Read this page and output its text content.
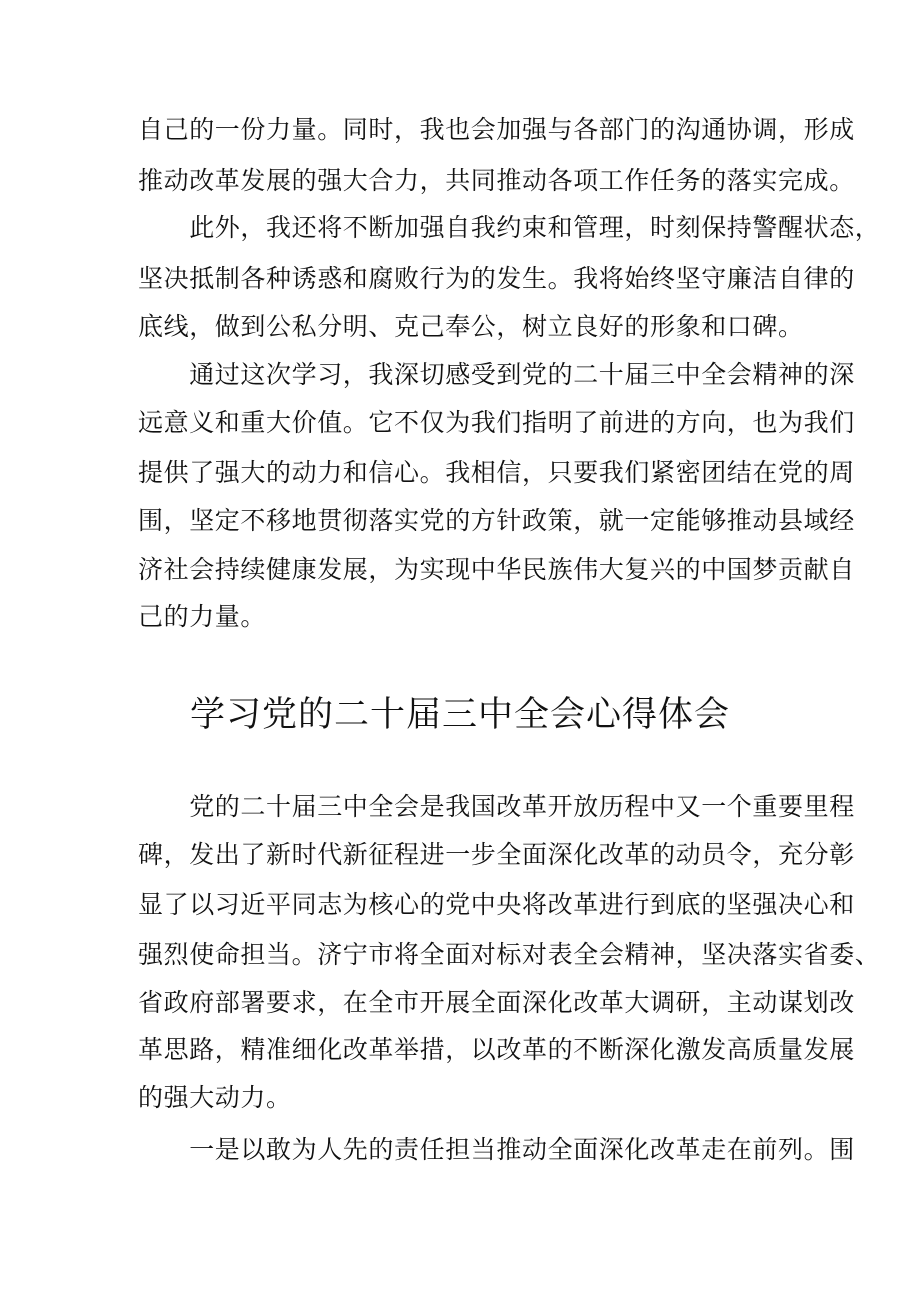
自己的一份力量。同时，我也会加强与各部门的沟通协调，形成
推动改革发展的强大合力，共同推动各项工作任务的落实完成。
　　此外，我还将不断加强自我约束和管理，时刻保持警醒状态，
坚决抵制各种诱惑和腐败行为的发生。我将始终坚守廉洁自律的
底线，做到公私分明、克己奉公，树立良好的形象和口碑。
　　通过这次学习，我深切感受到党的二十届三中全会精神的深
远意义和重大价值。它不仅为我们指明了前进的方向，也为我们
提供了强大的动力和信心。我相信，只要我们紧密团结在党的周
围，坚定不移地贯彻落实党的方针政策，就一定能够推动县域经
济社会持续健康发展，为实现中华民族伟大复兴的中国梦贡献自
己的力量。
学习党的二十届三中全会心得体会
　　党的二十届三中全会是我国改革开放历程中又一个重要里程
碑，发出了新时代新征程进一步全面深化改革的动员令，充分彰
显了以习近平同志为核心的党中央将改革进行到底的坚强决心和
强烈使命担当。济宁市将全面对标对表全会精神，坚决落实省委、
省政府部署要求，在全市开展全面深化改革大调研，主动谋划改
革思路，精准细化改革举措，以改革的不断深化激发高质量发展
的强大动力。
　　一是以敢为人先的责任担当推动全面深化改革走在前列。围
